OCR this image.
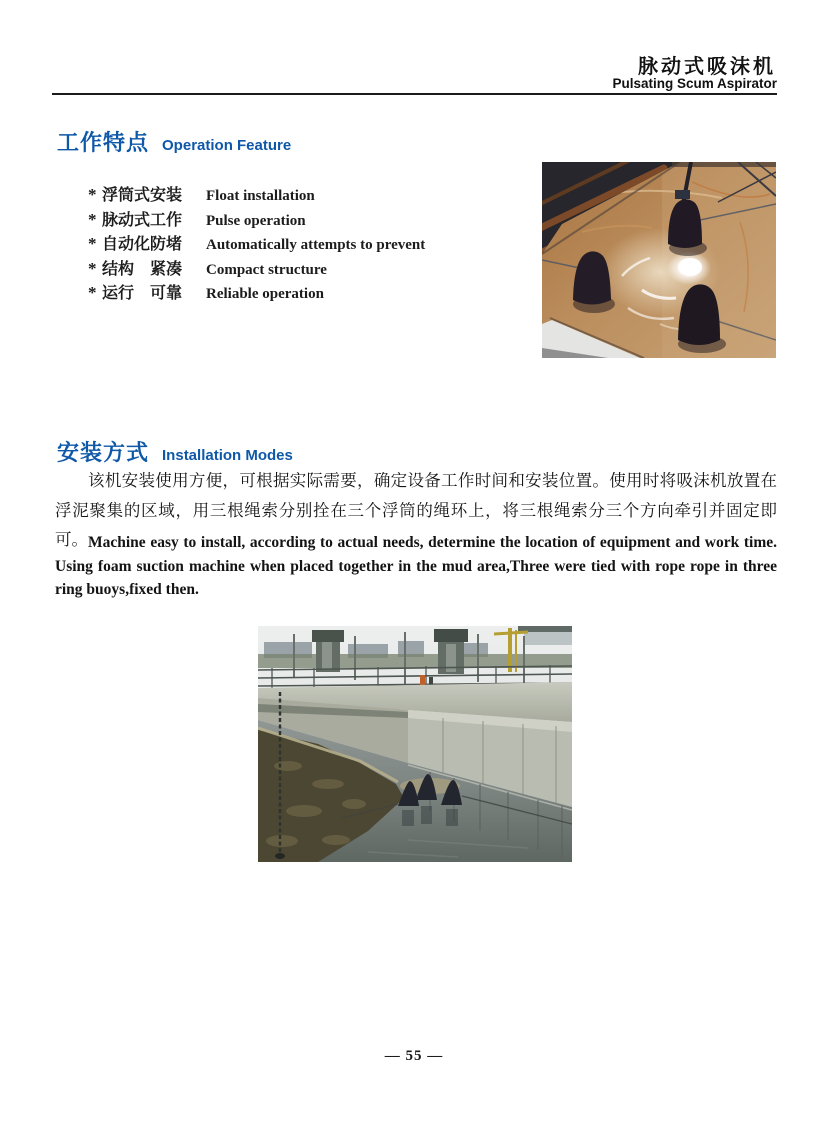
脉动式吸沫机
Pulsating Scum Aspirator
工作特点 Operation Feature
* 浮筒式安装	Float installation
* 脉动式工作	Pulse operation
* 自动化防堵	Automatically attempts to prevent
* 结构　紧凑	Compact structure
* 运行　可靠	Reliable operation
安装方式 Installation Modes

该机安装使用方便，可根据实际需要，确定设备工作时间和安装位置。使用时将吸沫机放置在浮泥聚集的区域，用三根绳索分别拴在三个浮筒的绳环上，将三根绳索分三个方向牵引并固定即可。 Machine easy to install, according to actual needs, determine the location of equipment and work time. Using foam suction machine when placed together in the mud area,Three were tied with rope rope in three ring buoys,fixed then.

— 55 —
